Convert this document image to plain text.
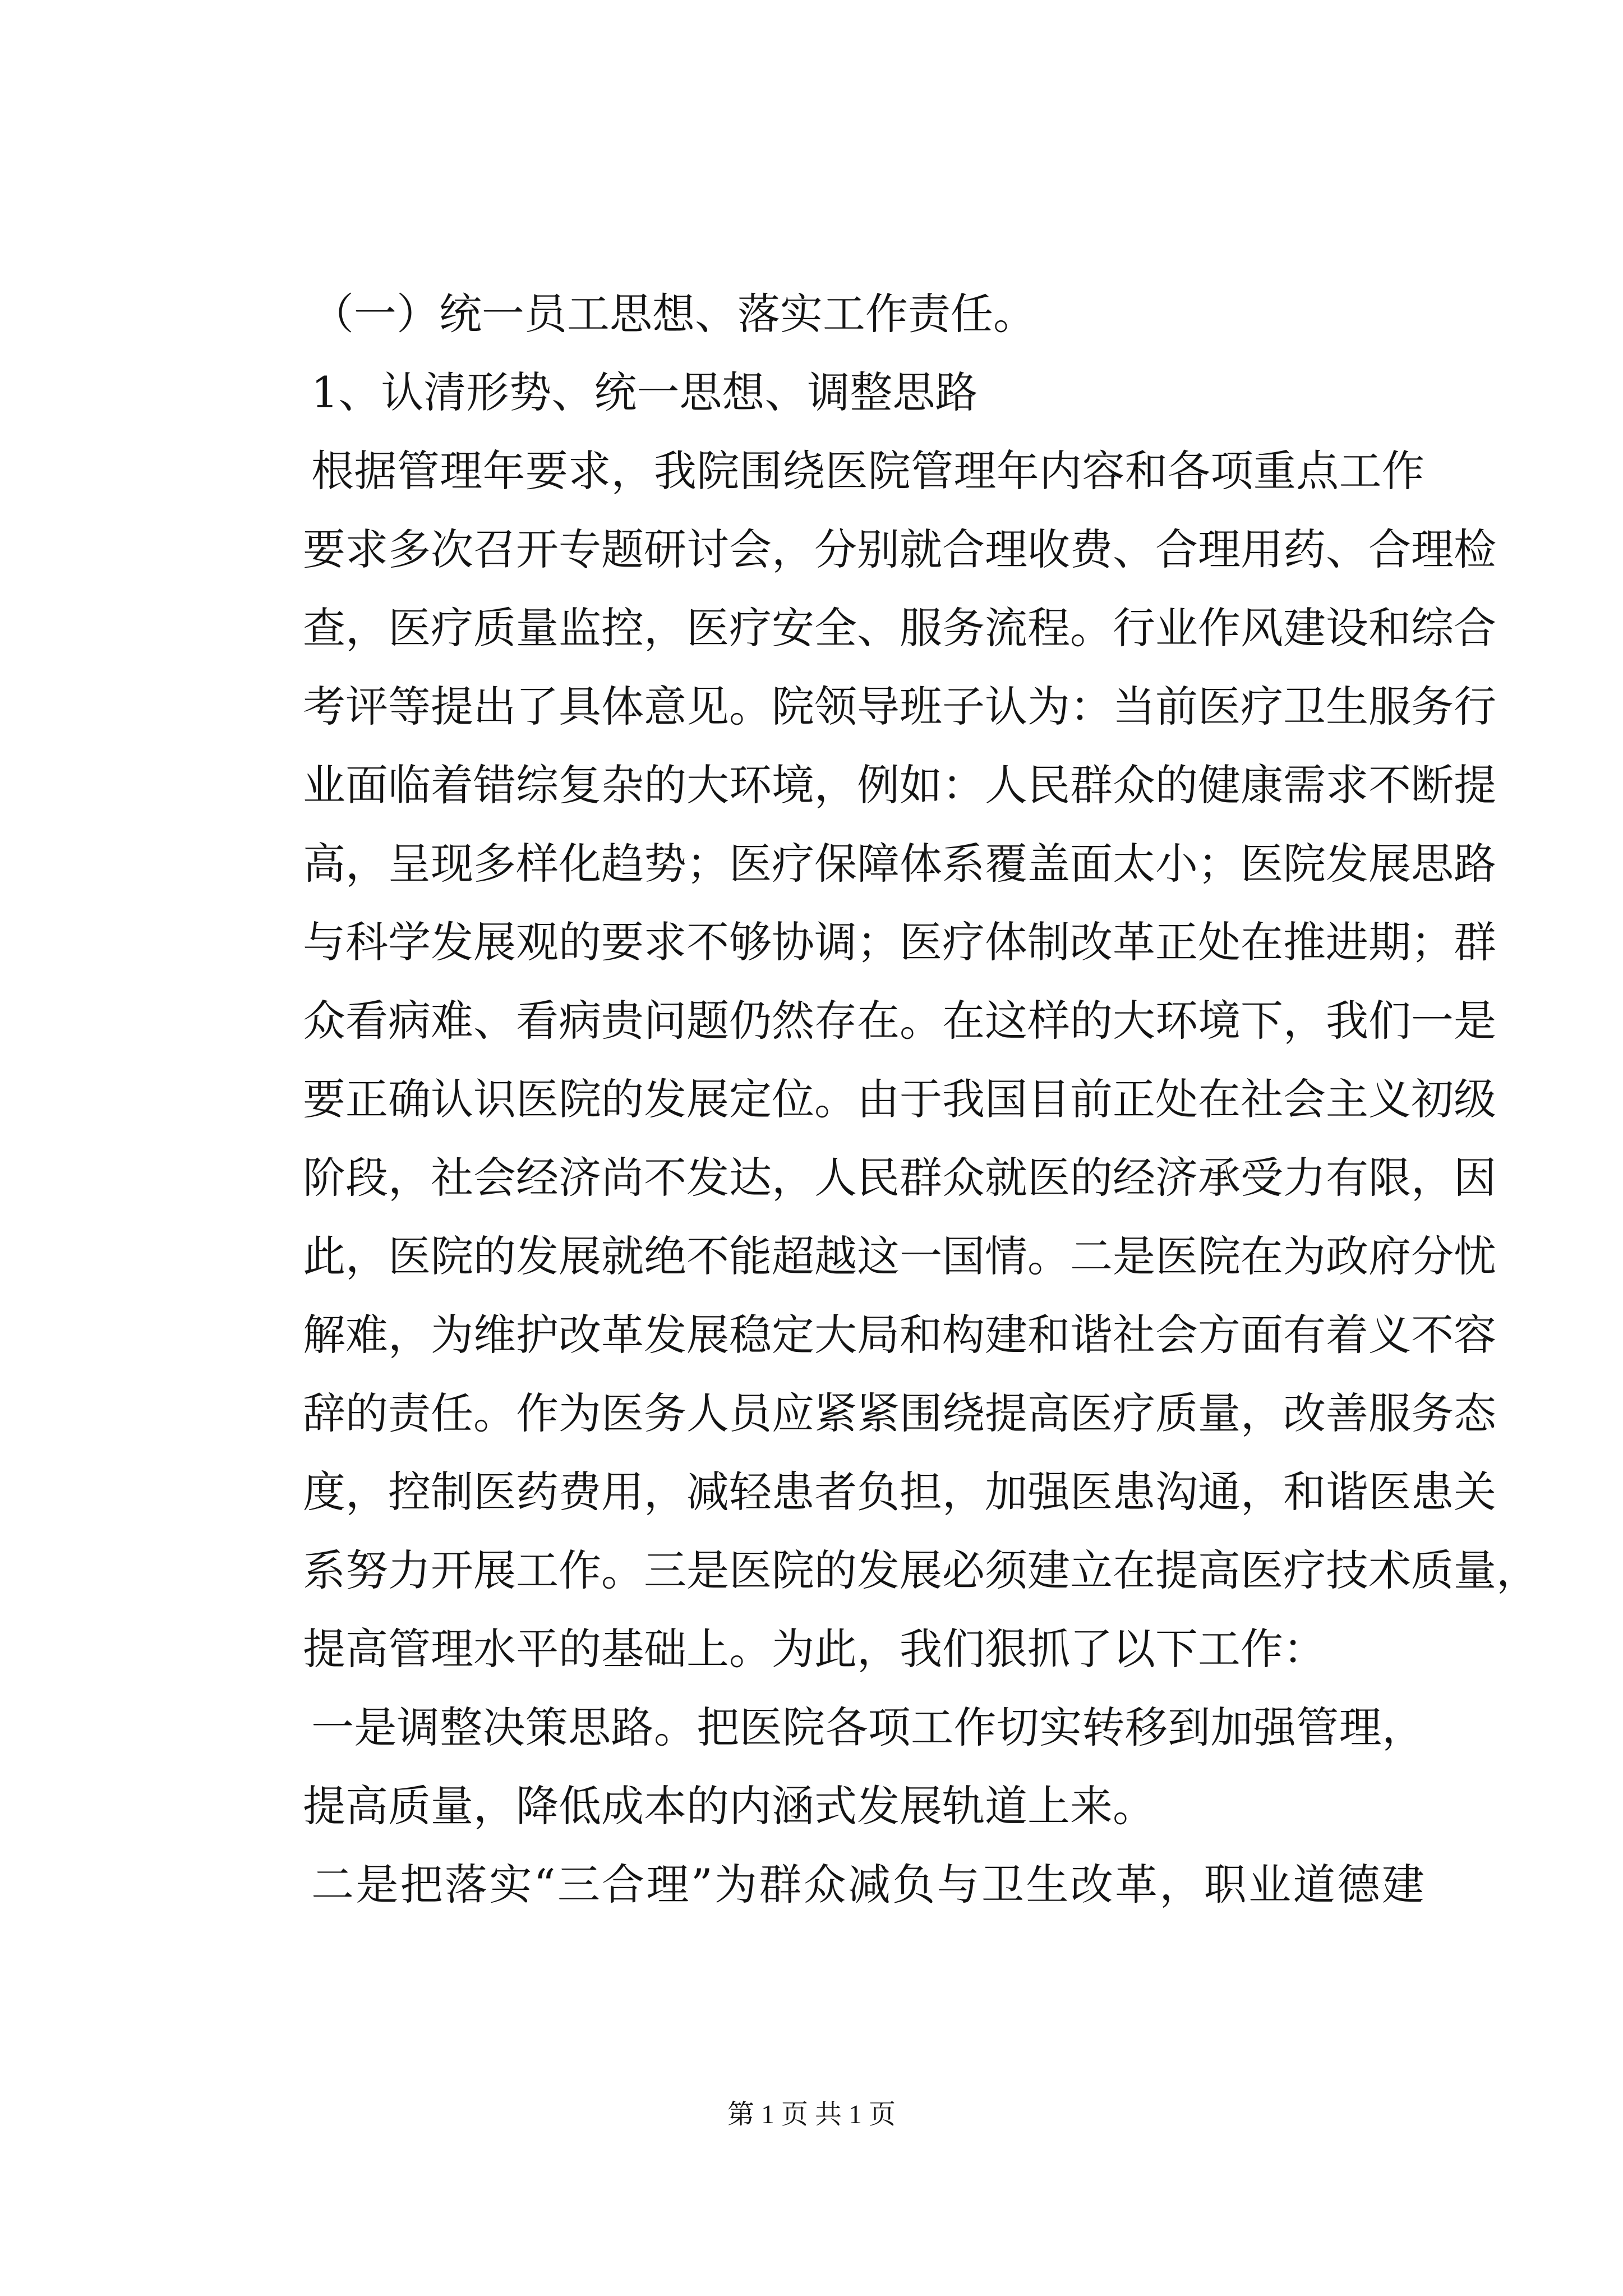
（一）统一员工思想、落实工作责任。
1、认清形势、统一思想、调整思路
根据管理年要求，我院围绕医院管理年内容和各项重点工作
要求多次召开专题研讨会，分别就合理收费、合理用药、合理检
查，医疗质量监控，医疗安全、服务流程。行业作风建设和综合
考评等提出了具体意见。院领导班子认为：当前医疗卫生服务行
业面临着错综复杂的大环境，例如：人民群众的健康需求不断提
高，呈现多样化趋势；医疗保障体系覆盖面太小；医院发展思路
与科学发展观的要求不够协调；医疗体制改革正处在推进期；群
众看病难、看病贵问题仍然存在。在这样的大环境下，我们一是
要正确认识医院的发展定位。由于我国目前正处在社会主义初级
阶段，社会经济尚不发达，人民群众就医的经济承受力有限，因
此，医院的发展就绝不能超越这一国情。二是医院在为政府分忧
解难，为维护改革发展稳定大局和构建和谐社会方面有着义不容
辞的责任。作为医务人员应紧紧围绕提高医疗质量，改善服务态
度，控制医药费用，减轻患者负担，加强医患沟通，和谐医患关
系努力开展工作。三是医院的发展必须建立在提高医疗技术质量，
提高管理水平的基础上。为此，我们狠抓了以下工作：
一是调整决策思路。把医院各项工作切实转移到加强管理，
提高质量，降低成本的内涵式发展轨道上来。
二是把落实“三合理”为群众减负与卫生改革，职业道德建
第 1 页 共 1 页
